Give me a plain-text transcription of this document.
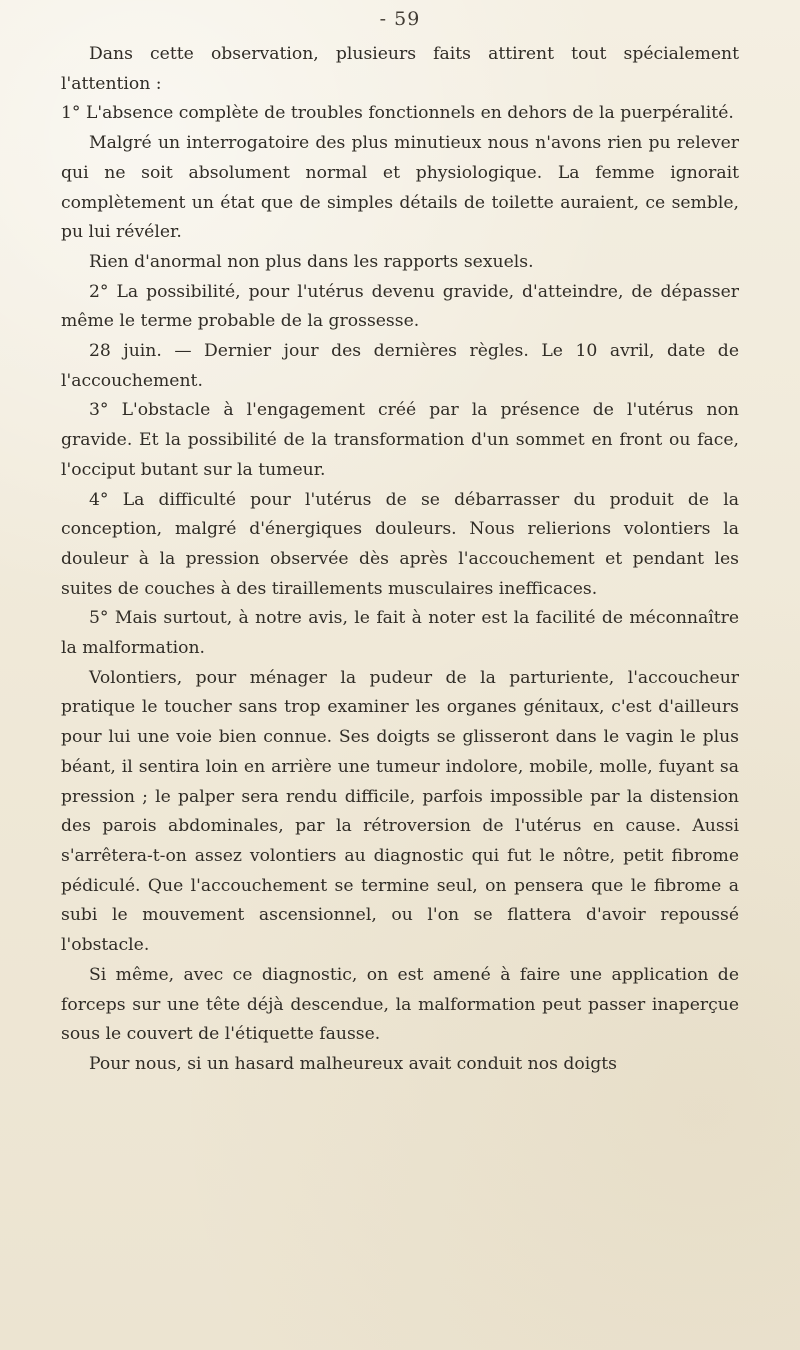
- 59

Dans cette observation, plusieurs faits attirent tout spécialement l'attention :

1° L'absence complète de troubles fonctionnels en dehors de la puerpéralité.

Malgré un interrogatoire des plus minutieux nous n'avons rien pu relever qui ne soit absolument normal et physiologique. La femme ignorait complètement un état que de simples détails de toilette auraient, ce semble, pu lui révéler.

Rien d'anormal non plus dans les rapports sexuels.

2° La possibilité, pour l'utérus devenu gravide, d'atteindre, de dépasser même le terme probable de la grossesse.

28 juin. — Dernier jour des dernières règles. Le 10 avril, date de l'accouchement.

3° L'obstacle à l'engagement créé par la présence de l'utérus non gravide. Et la possibilité de la transformation d'un sommet en front ou face, l'occiput butant sur la tumeur.

4° La difficulté pour l'utérus de se débarrasser du produit de la conception, malgré d'énergiques douleurs. Nous relierions volontiers la douleur à la pression observée dès après l'accouchement et pendant les suites de couches à des tiraillements musculaires inefficaces.

5° Mais surtout, à notre avis, le fait à noter est la facilité de méconnaître la malformation.

Volontiers, pour ménager la pudeur de la parturiente, l'accoucheur pratique le toucher sans trop examiner les organes génitaux, c'est d'ailleurs pour lui une voie bien connue. Ses doigts se glisseront dans le vagin le plus béant, il sentira loin en arrière une tumeur indolore, mobile, molle, fuyant sa pression ; le palper sera rendu difficile, parfois impossible par la distension des parois abdominales, par la rétroversion de l'utérus en cause. Aussi s'arrêtera-t-on assez volontiers au diagnostic qui fut le nôtre, petit fibrome pédiculé. Que l'accouchement se termine seul, on pensera que le fibrome a subi le mouvement ascensionnel, ou l'on se flattera d'avoir repoussé l'obstacle.

Si même, avec ce diagnostic, on est amené à faire une application de forceps sur une tête déjà descendue, la malformation peut passer inaperçue sous le couvert de l'étiquette fausse.

Pour nous, si un hasard malheureux avait conduit nos doigts
